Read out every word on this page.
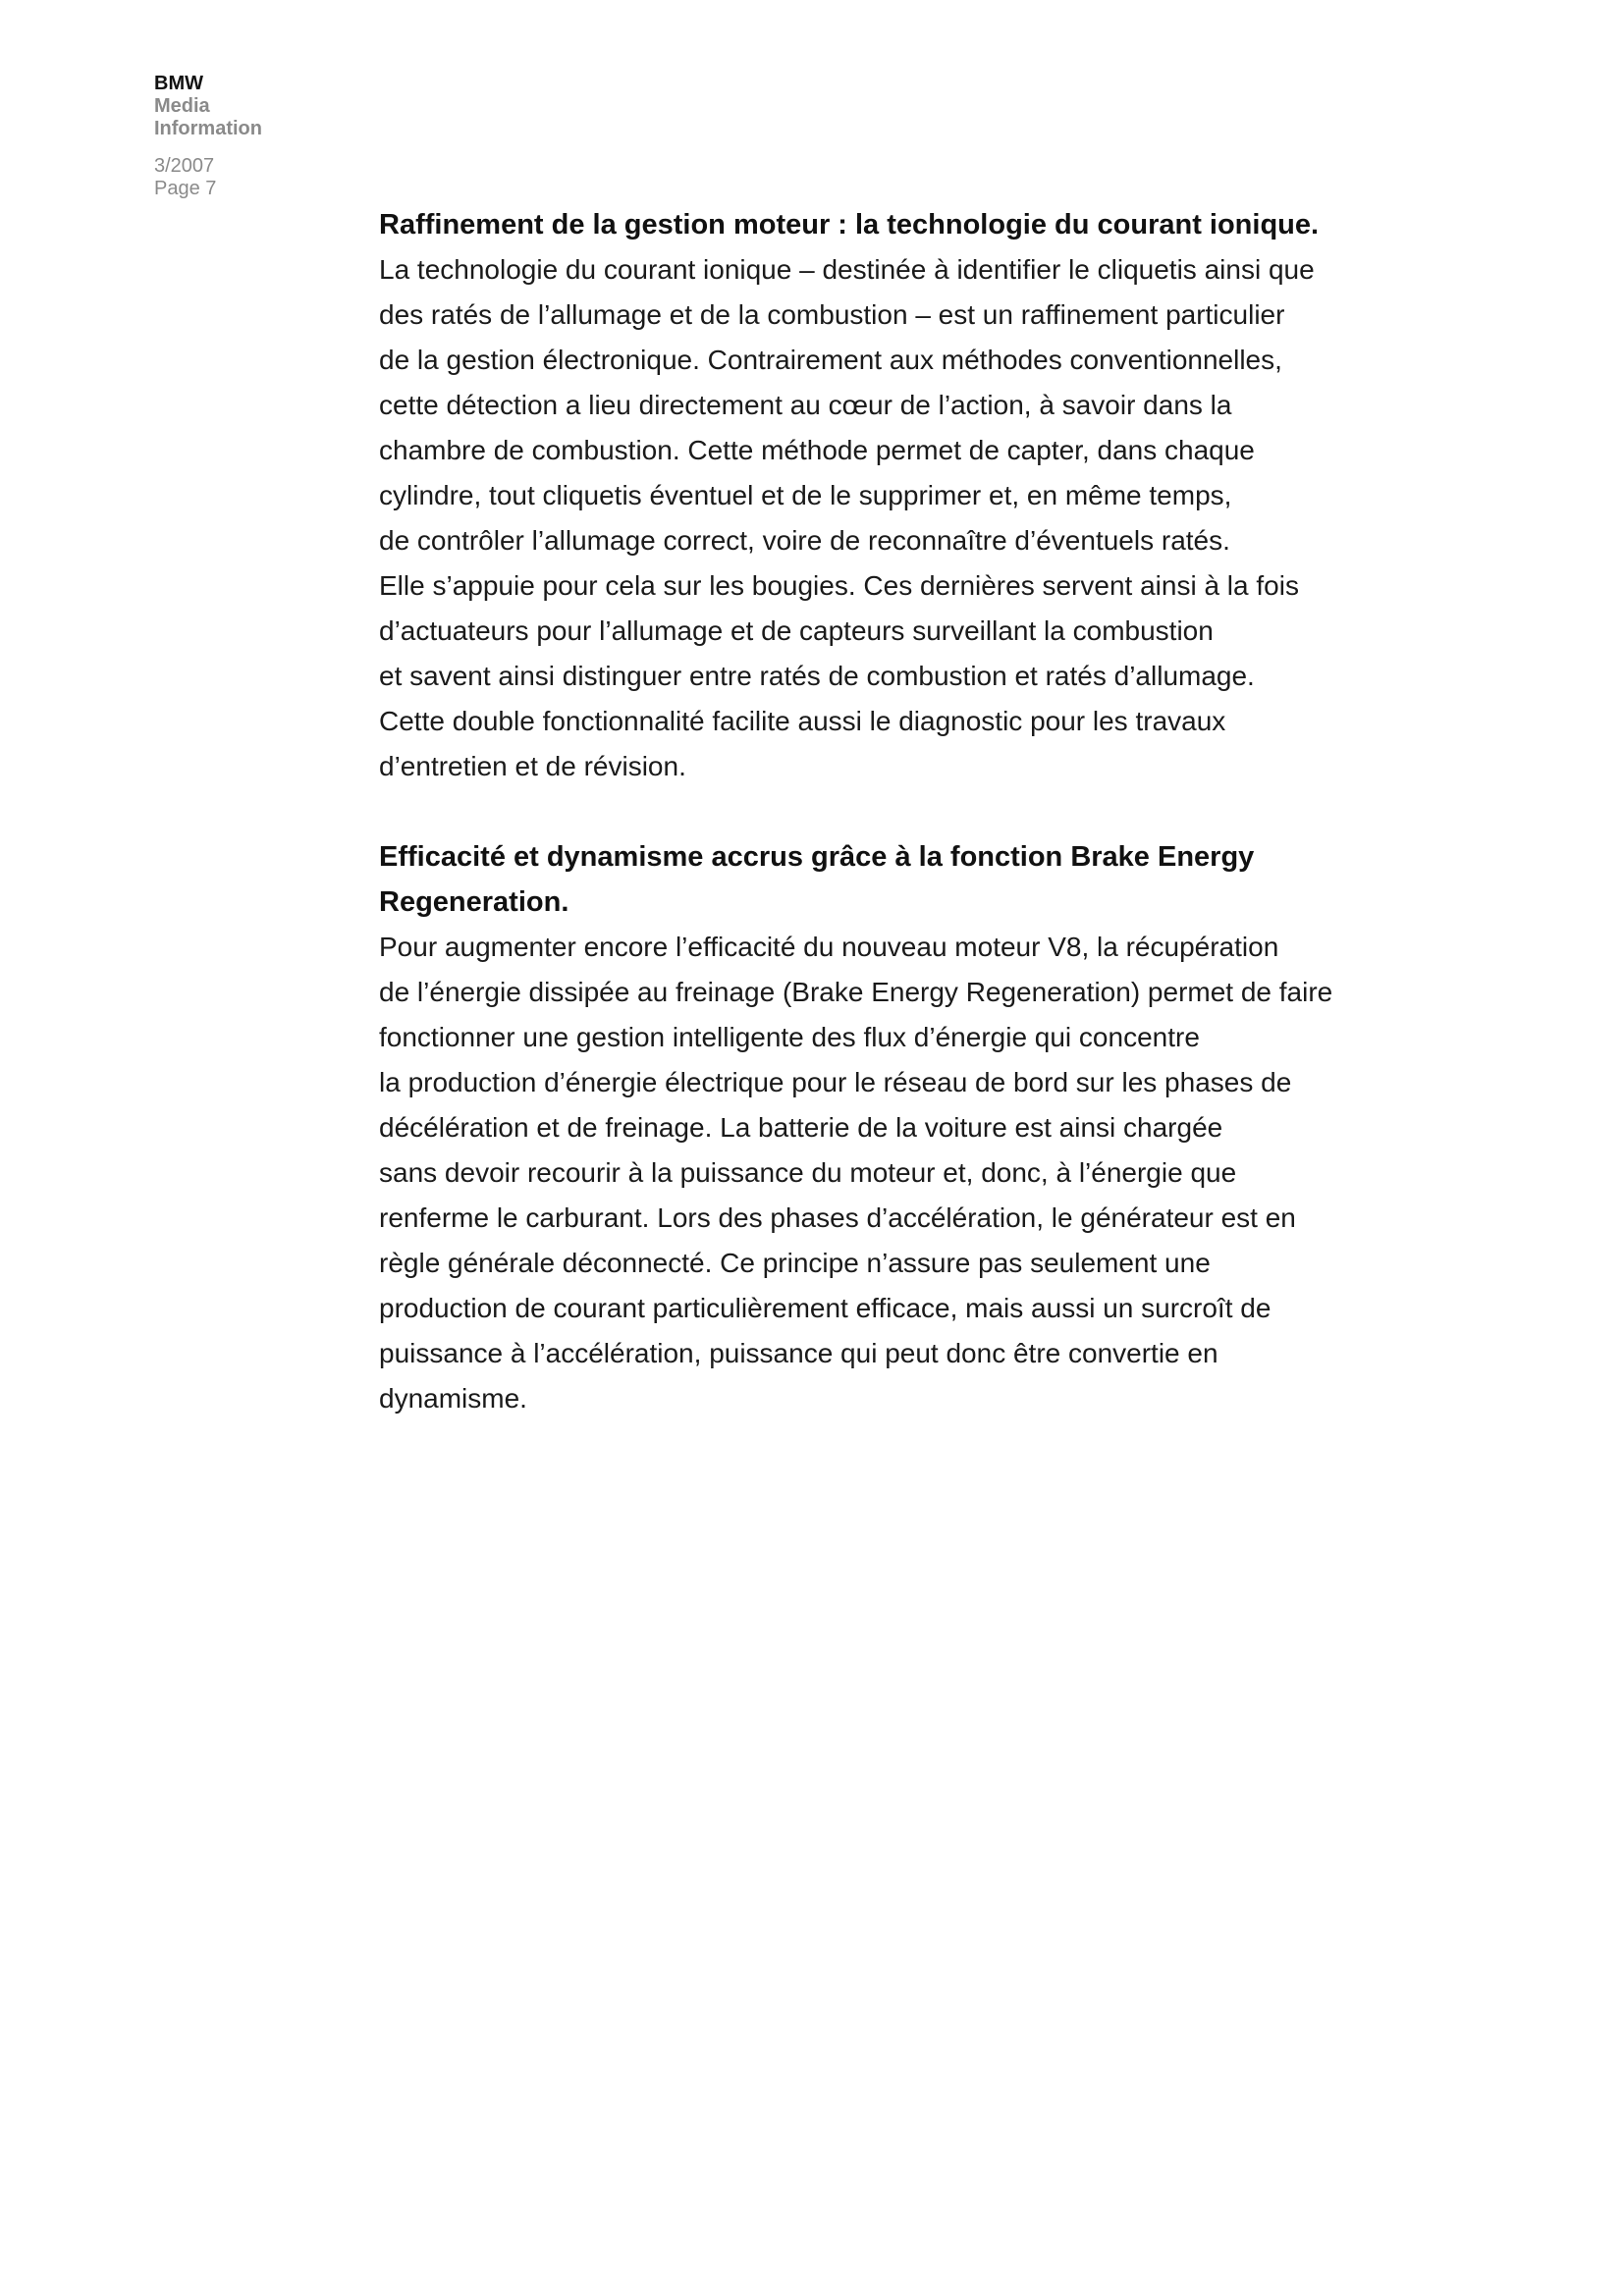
BMW
Media
Information
3/2007
Page 7
Raffinement de la gestion moteur : la technologie du courant ionique.
La technologie du courant ionique – destinée à identifier le cliquetis ainsi que
des ratés de l’allumage et de la combustion – est un raffinement particulier
de la gestion électronique. Contrairement aux méthodes conventionnelles,
cette détection a lieu directement au cœur de l’action, à savoir dans la
chambre de combustion. Cette méthode permet de capter, dans chaque
cylindre, tout cliquetis éventuel et de le supprimer et, en même temps,
de contrôler l’allumage correct, voire de reconnaître d’éventuels ratés.
Elle s’appuie pour cela sur les bougies. Ces dernières servent ainsi à la fois
d’actuateurs pour l’allumage et de capteurs surveillant la combustion
et savent ainsi distinguer entre ratés de combustion et ratés d’allumage.
Cette double fonctionnalité facilite aussi le diagnostic pour les travaux
d’entretien et de révision.
Efficacité et dynamisme accrus grâce à la fonction Brake Energy
Regeneration.
Pour augmenter encore l’efficacité du nouveau moteur V8, la récupération
de l’énergie dissipée au freinage (Brake Energy Regeneration) permet de faire
fonctionner une gestion intelligente des flux d’énergie qui concentre
la production d’énergie électrique pour le réseau de bord sur les phases de
décélération et de freinage. La batterie de la voiture est ainsi chargée
sans devoir recourir à la puissance du moteur et, donc, à l’énergie que
renferme le carburant. Lors des phases d’accélération, le générateur est en
règle générale déconnecté. Ce principe n’assure pas seulement une
production de courant particulièrement efficace, mais aussi un surcroît de
puissance à l’accélération, puissance qui peut donc être convertie en
dynamisme.
